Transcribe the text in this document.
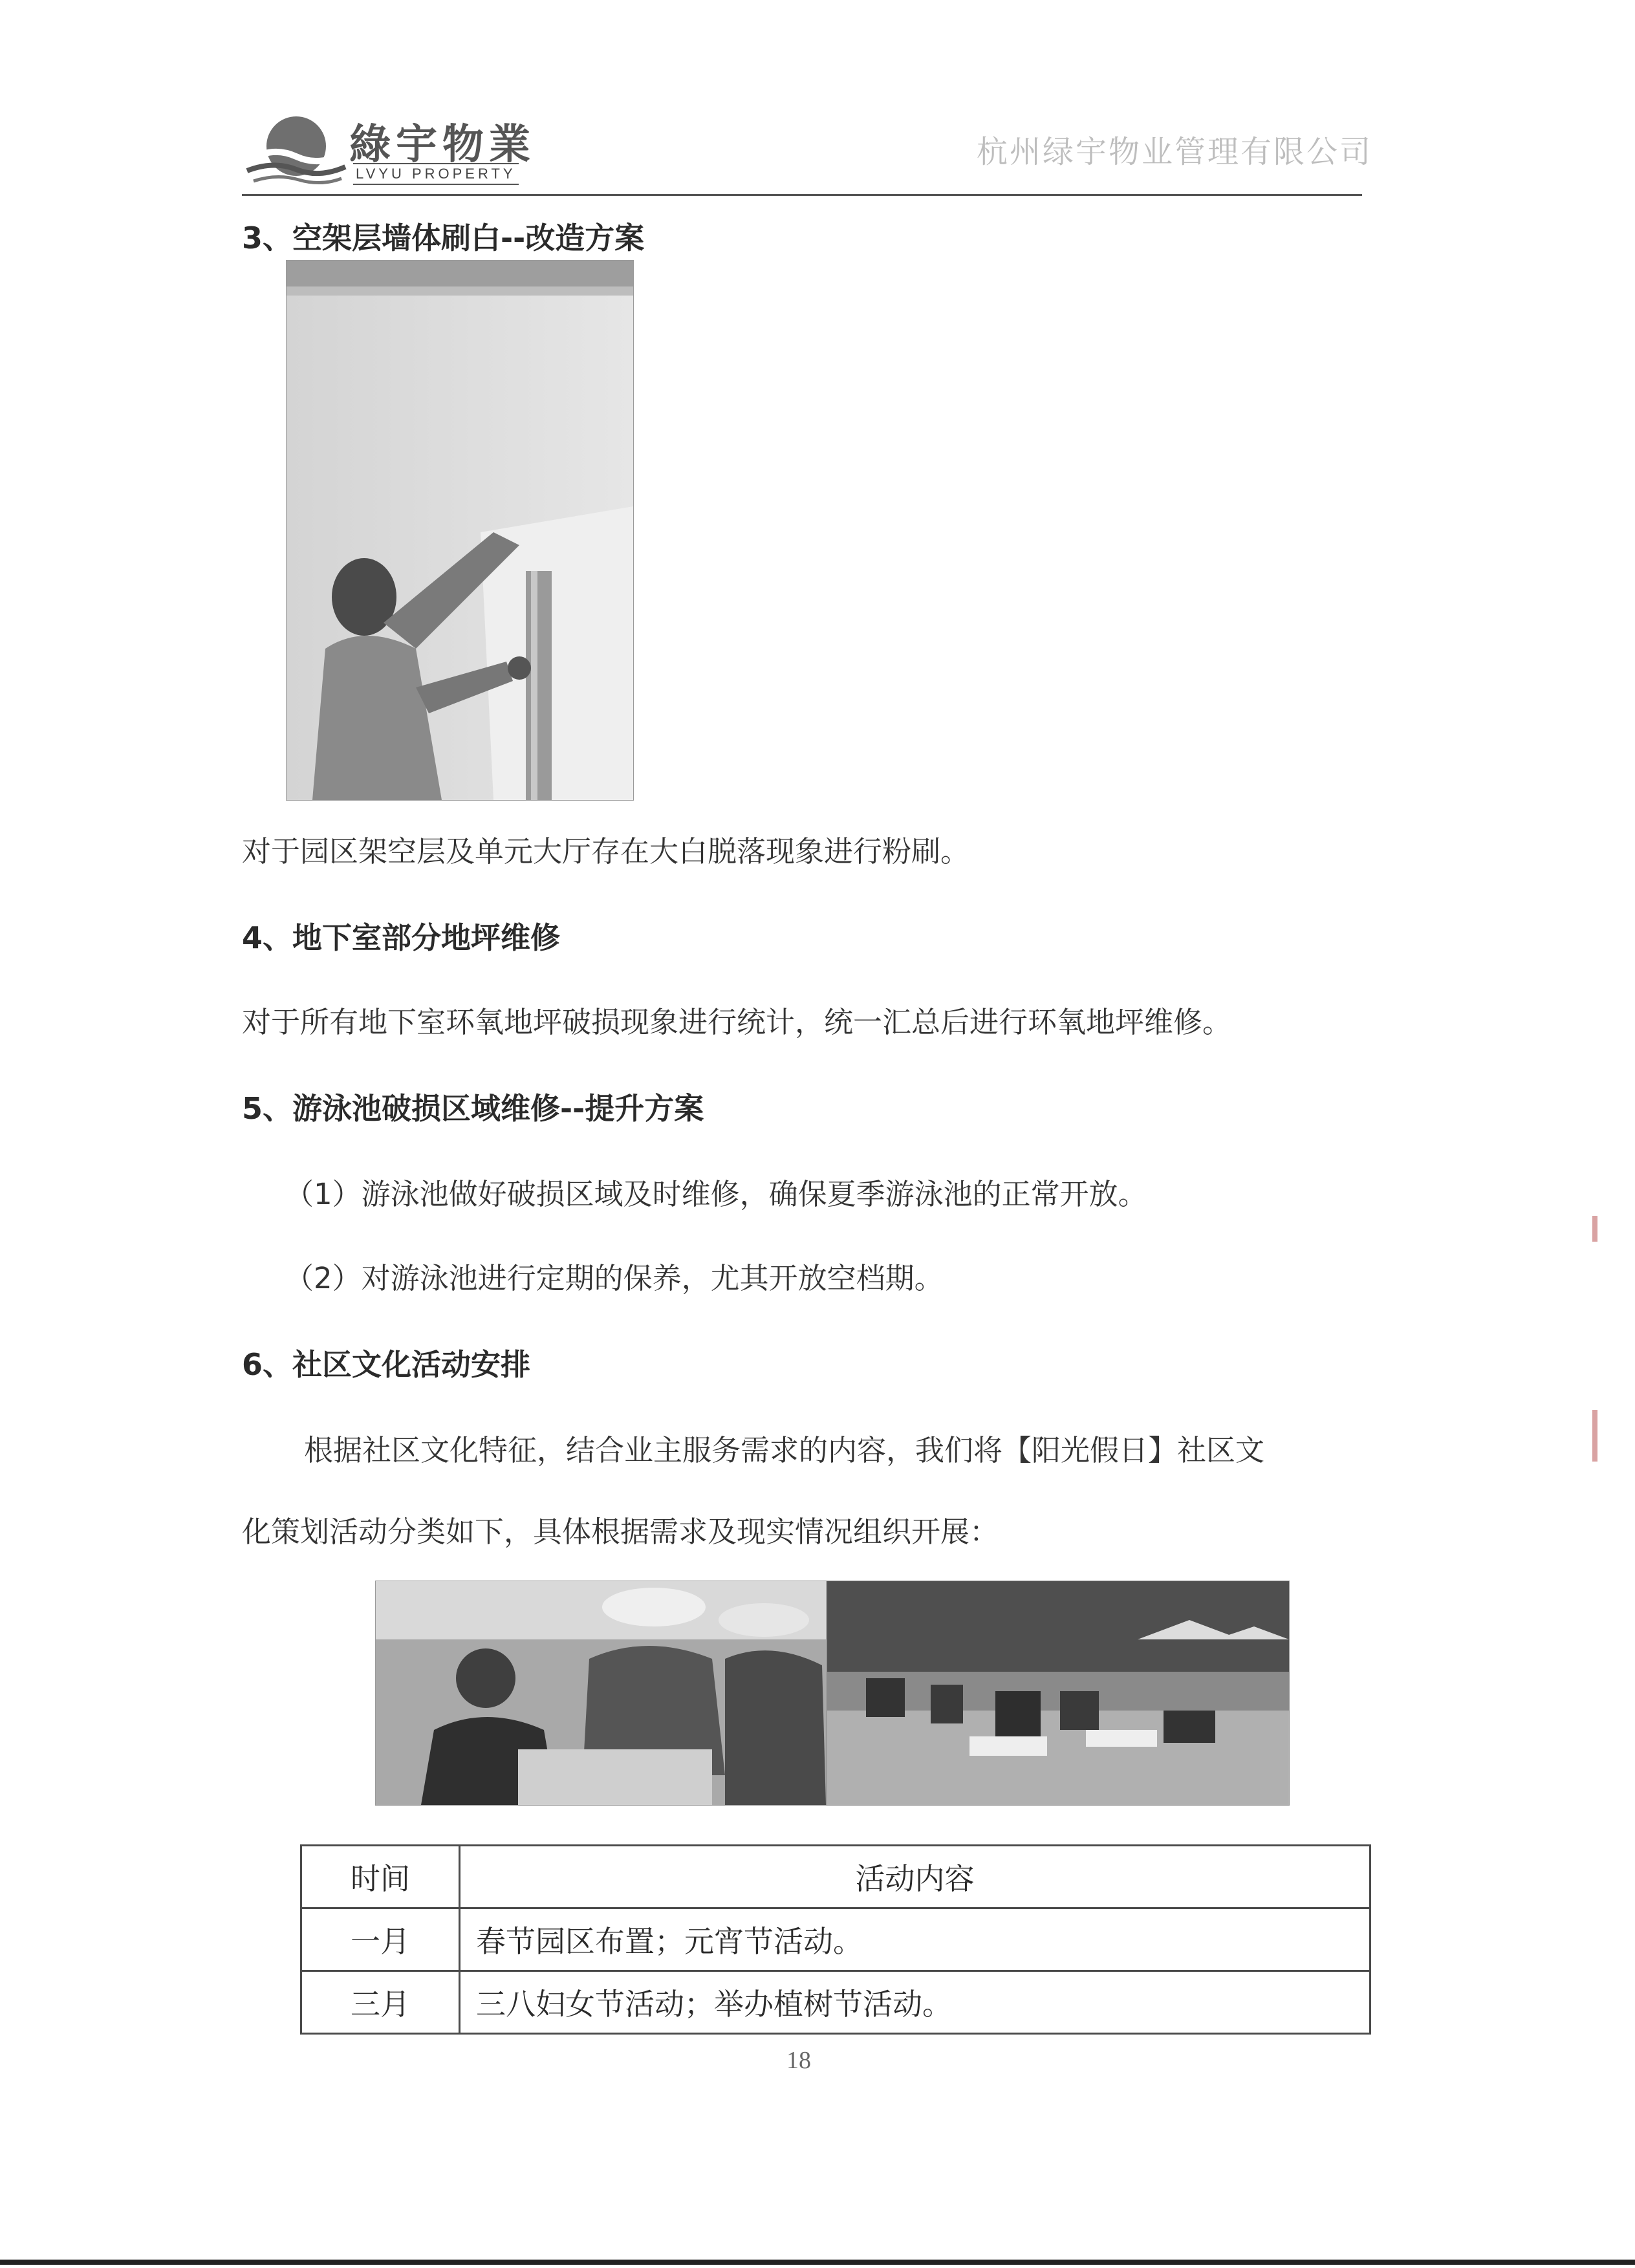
綠宇物業
LVYU PROPERTY
杭州绿宇物业管理有限公司
3、空架层墙体刷白--改造方案
对于园区架空层及单元大厅存在大白脱落现象进行粉刷。
4、地下室部分地坪维修
对于所有地下室环氧地坪破损现象进行统计，统一汇总后进行环氧地坪维修。
5、游泳池破损区域维修--提升方案
（1）游泳池做好破损区域及时维修，确保夏季游泳池的正常开放。
（2）对游泳池进行定期的保养，尤其开放空档期。
6、社区文化活动安排
根据社区文化特征，结合业主服务需求的内容，我们将【阳光假日】社区文
化策划活动分类如下，具体根据需求及现实情况组织开展：
时间	活动内容
一月	春节园区布置；元宵节活动。
三月	三八妇女节活动；举办植树节活动。
18
